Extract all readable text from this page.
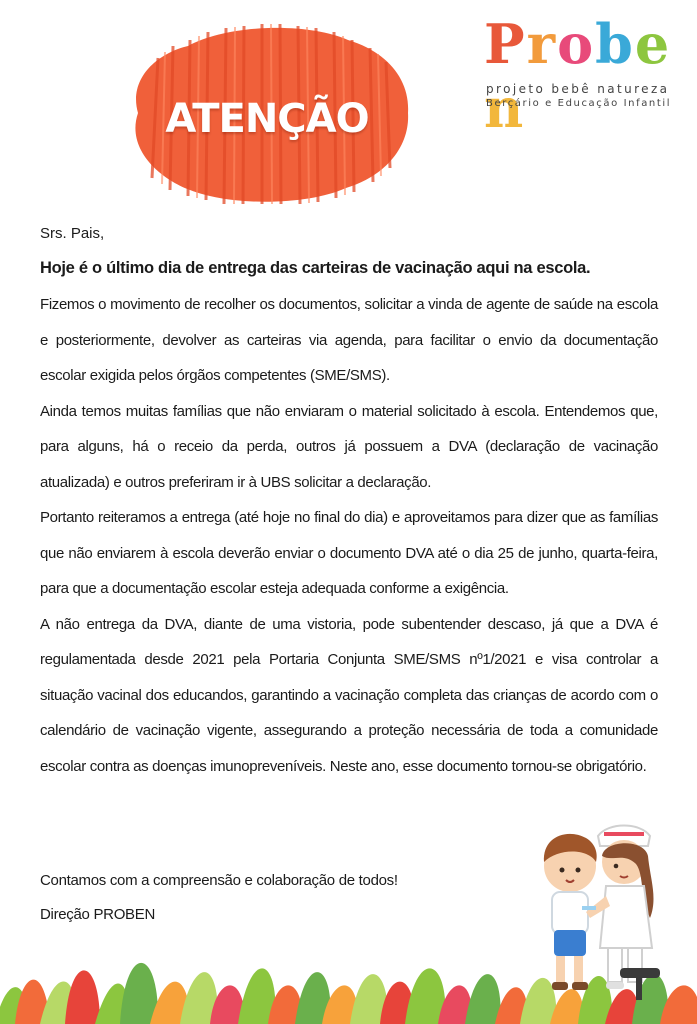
ATENÇÃO
Proben
projeto bebê natureza
Berçário e Educação Infantil

Srs. Pais,

Hoje é o último dia de entrega das carteiras de vacinação aqui na escola.

Fizemos o movimento de recolher os documentos, solicitar a vinda de agente de saúde na escola e posteriormente, devolver as carteiras via agenda, para facilitar o envio da documentação escolar exigida pelos órgãos competentes (SME/SMS).

Ainda temos muitas famílias que não enviaram o material solicitado à escola. Entendemos que, para alguns, há o receio da perda, outros já possuem a DVA (declaração de vacinação atualizada) e outros preferiram ir à UBS solicitar a declaração.

Portanto reiteramos a entrega (até hoje no final do dia) e aproveitamos para dizer que as famílias que não enviarem à escola deverão enviar o documento DVA até o dia 25 de junho, quarta-feira, para que a documentação escolar esteja adequada conforme a exigência.

A não entrega da DVA, diante de uma vistoria, pode subentender descaso, já que a DVA é regulamentada desde 2021 pela Portaria Conjunta SME/SMS nº1/2021 e visa controlar a situação vacinal dos educandos, garantindo a vacinação completa das crianças de acordo com o calendário de vacinação vigente, assegurando a proteção necessária de toda a comunidade escolar contra as doenças imunopreveníveis. Neste ano, esse documento tornou-se obrigatório.

Contamos com a compreensão e colaboração de todos!
Direção PROBEN
